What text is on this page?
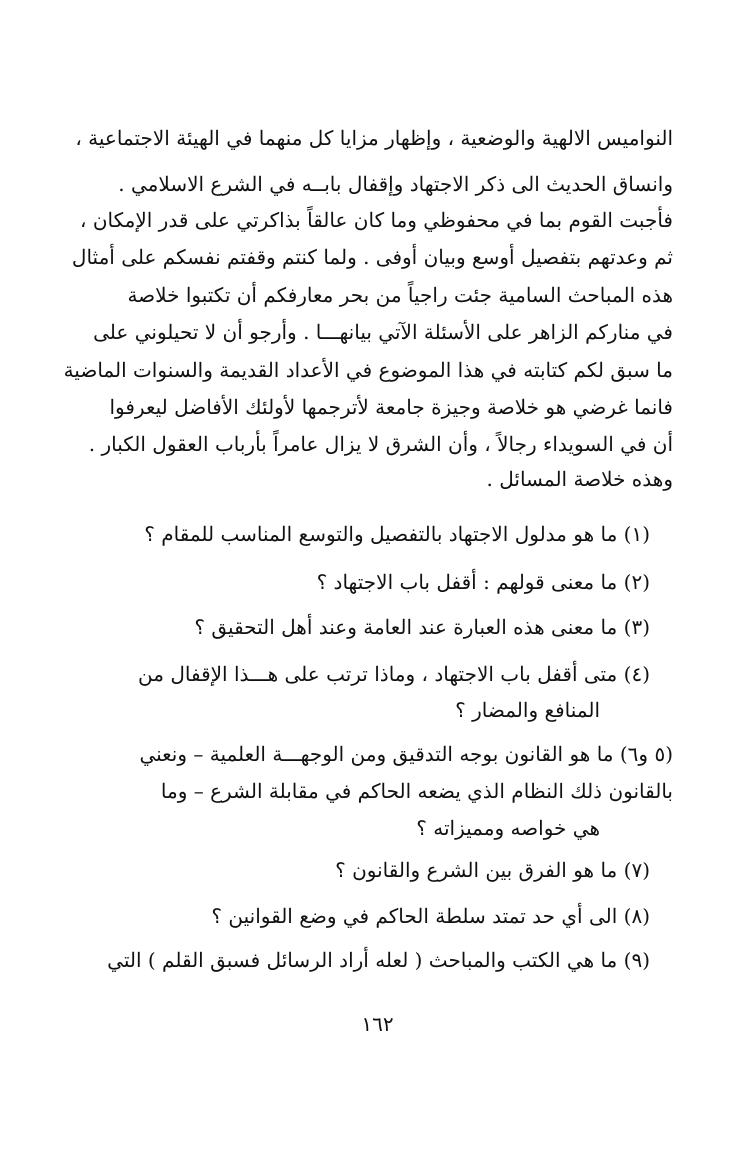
النواميس الالهية والوضعية ، وإظهار مزايا كل منهما في الهيئة الاجتماعية ،
وانساق الحديث الى ذكر الاجتهاد وإقفال بابــه في الشرع الاسلامي .
فأجبت القوم بما في محفوظي وما كان عالقاً بذاكرتي على قدر الإمكان ،
ثم وعدتهم بتفصيل أوسع وبيان أوفى . ولما كنتم وقفتم نفسكم على أمثال
هذه المباحث السامية جئت راجياً من بحر معارفكم أن تكتبوا خلاصة
في منارکم الزاهر على الأسئلة الآتي بيانهـــا . وأرجو أن لا تحيلوني على
ما سبق لكم كتابته في هذا الموضوع في الأعداد القديمة والسنوات الماضية
فانما غرضي هو خلاصة وجيزة جامعة لأترجمها لأولئك الأفاضل ليعرفوا
أن في السويداء رجالاً ، وأن الشرق لا يزال عامراً بأرباب العقول الكبار .
وهذه خلاصة المسائل .
(١) ما هو مدلول الاجتهاد بالتفصيل والتوسع المناسب للمقام ؟
(٢) ما معنى قولهم : أقفل باب الاجتهاد ؟
(٣) ما معنى هذه العبارة عند العامة وعند أهل التحقيق ؟
(٤) متى أقفل باب الاجتهاد ، وماذا ترتب على هـــذا الإقفال من
المنافع والمضار ؟
(٥ و٦) ما هو القانون بوجه التدقيق ومن الوجهـــة العلمية – ونعني
بالقانون ذلك النظام الذي يضعه الحاكم في مقابلة الشرع – وما
هي خواصه ومميزاته ؟
(٧) ما هو الفرق بين الشرع والقانون ؟
(٨) الى أي حد تمتد سلطة الحاكم في وضع القوانين ؟
(٩) ما هي الكتب والمباحث ( لعله أراد الرسائل فسبق القلم ) التي
١٦٢
